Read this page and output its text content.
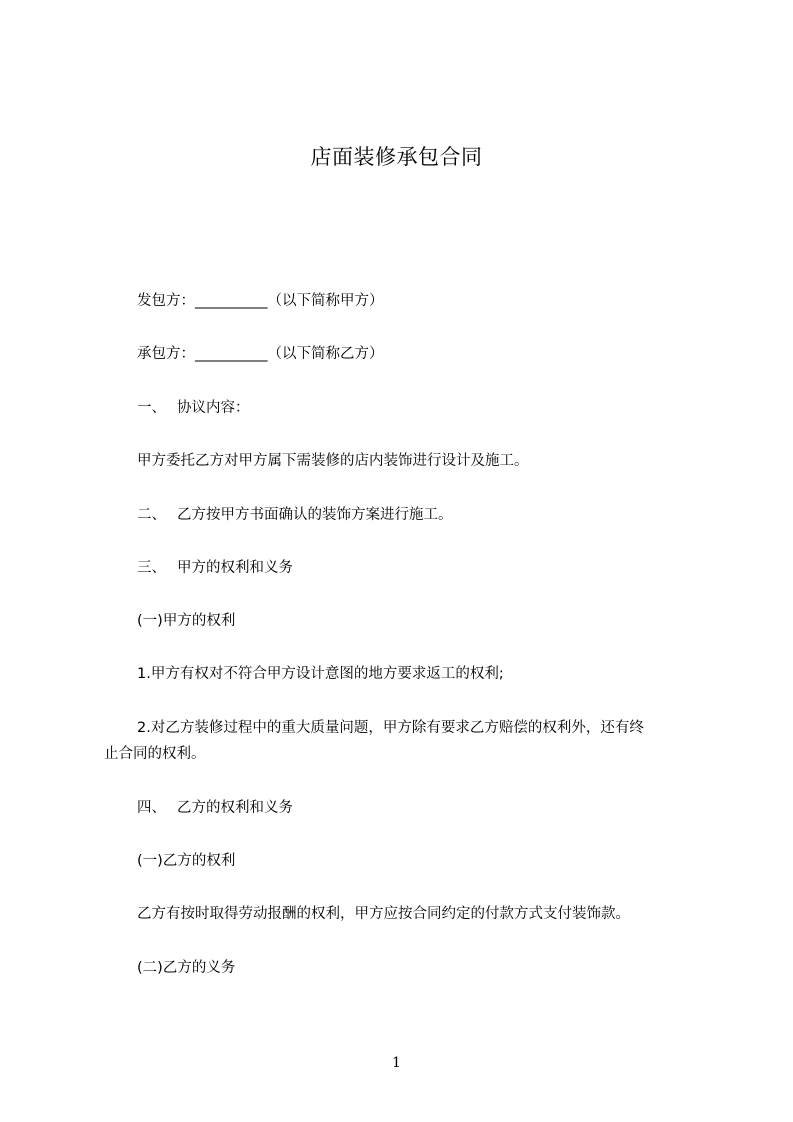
店面装修承包合同
发包方：__________（以下简称甲方）
承包方：__________（以下简称乙方）
一、 协议内容：
甲方委托乙方对甲方属下需装修的店内装饰进行设计及施工。
二、 乙方按甲方书面确认的装饰方案进行施工。
三、 甲方的权利和义务
(一)甲方的权利
1.甲方有权对不符合甲方设计意图的地方要求返工的权利;
2.对乙方装修过程中的重大质量问题，甲方除有要求乙方赔偿的权利外，还有终
止合同的权利。
四、 乙方的权利和义务
(一)乙方的权利
乙方有按时取得劳动报酬的权利，甲方应按合同约定的付款方式支付装饰款。
(二)乙方的义务
1
